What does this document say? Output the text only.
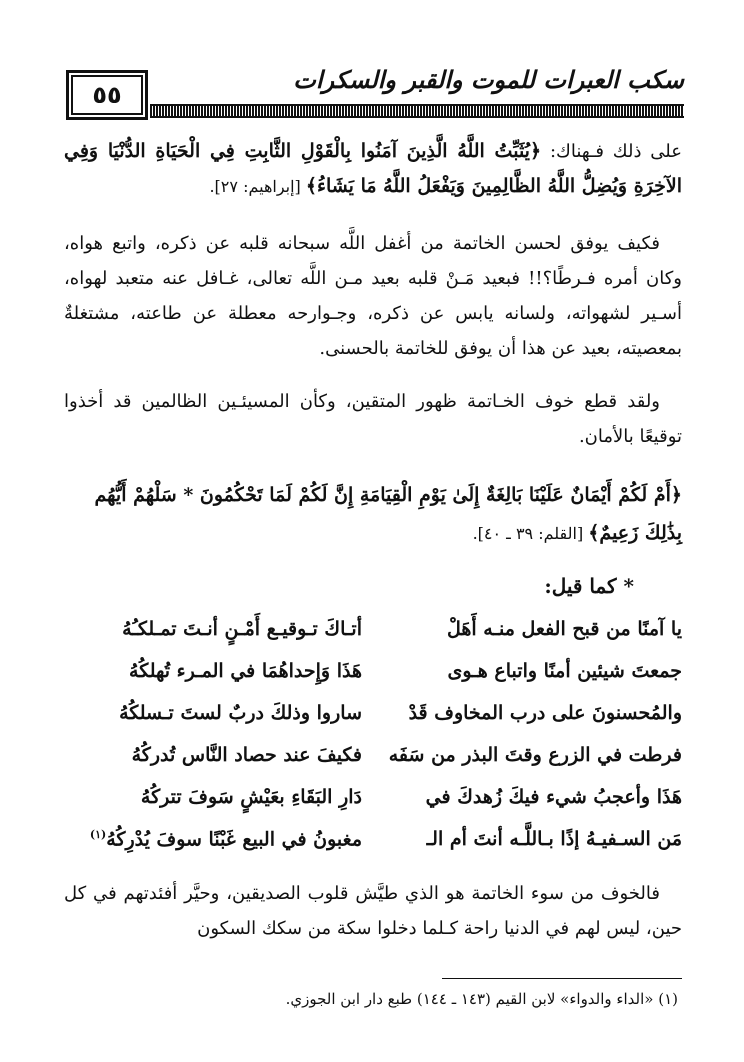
سكب العبرات للموت والقبر والسكرات
٥٥
على ذلك فـهناك: ﴿يُثَبِّتُ اللَّهُ الَّذِينَ آمَنُوا بِالْقَوْلِ الثَّابِتِ فِي الْحَيَاةِ الدُّنْيَا وَفِي الآخِرَةِ وَيُضِلُّ اللَّهُ الظَّالِمِينَ وَيَفْعَلُ اللَّهُ مَا يَشَاءُ﴾ [إبراهيم: ٢٧].
فكيف يوفق لحسن الخاتمة من أغفل اللَّه سبحانه قلبه عن ذكره، واتبع هواه، وكان أمره فـرطًا؟!! فبعيد مَـنْ قلبه بعيد مـن اللَّه تعالى، غـافل عنه متعبد لهواه، أسـير لشهواته، ولسانه يابس عن ذكره، وجـوارحه معطلة عن طاعته، مشتغلةٌ بمعصيته، بعيد عن هذا أن يوفق للخاتمة بالحسنى.
ولقد قطع خوف الخـاتمة ظهور المتقين، وكأن المسيئـين الظالمين قد أخذوا توقيعًا بالأمان.
﴿أَمْ لَكُمْ أَيْمَانٌ عَلَيْنَا بَالِغَةٌ إِلَىٰ يَوْمِ الْقِيَامَةِ إِنَّ لَكُمْ لَمَا تَحْكُمُونَ * سَلْهُمْ أَيُّهُم بِذَٰلِكَ زَعِيمٌ﴾ [القلم: ٣٩ ـ ٤٠].
* كما قيل:
يا آمنًا من قبح الفعل منـه أَهَلْ
أتـاكَ تـوقيـع أَمْـنٍ أنـتَ تمـلكـُهُ
جمعتَ شيئين أمنًا واتباع هـوى
هَذَا وَإِحداهُمَا في المـرء تُهلكُهُ
والمُحسنونَ على درب المخاوف قَدْ
ساروا وذلكَ دربٌ لستَ تـسلكُهُ
فرطت في الزرع وقتَ البذر من سَفَه
فكيفَ عند حصاد النَّاس تُدركُهُ
هَذَا وأعجبُ شيء فيكَ زُهدكَ في
دَارِ البَقَاءِ بعَيْشٍ سَوفَ تتركُهُ
مَن السـفيـهُ إذًا بـاللَّـه أنتَ أم الـ
مغبونُ في البيع غَبْنًا سوفَ يُدْرِكُهُ$^{(١)}$
فالخوف من سوء الخاتمة هو الذي طيَّش قلوب الصديقين، وحيَّر أفئدتهم في كل حين، ليس لهم في الدنيا راحة كـلما دخلوا سكة من سكك السكون
(١) «الداء والدواء» لابن القيم (١٤٣ ـ ١٤٤) طبع دار ابن الجوزي.
